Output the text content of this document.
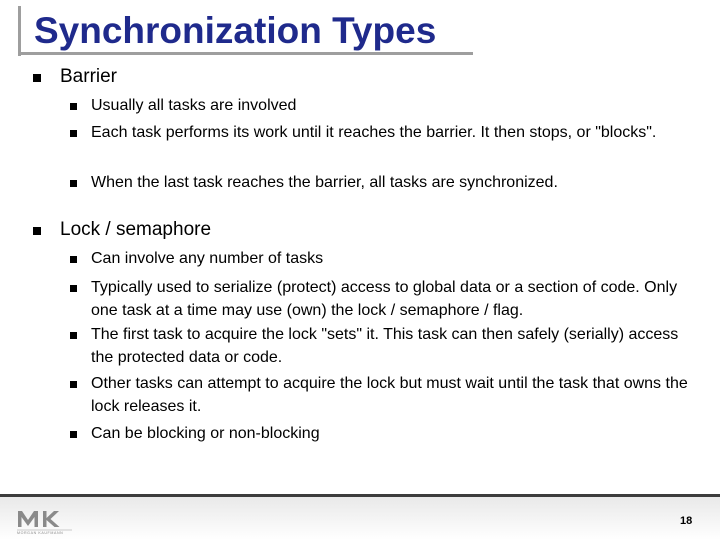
Synchronization Types
Barrier
Usually all tasks are involved
Each task performs its work until it reaches the barrier. It then stops, or "blocks".
When the last task reaches the barrier, all tasks are synchronized.
Lock / semaphore
Can involve any number of tasks
Typically used to serialize (protect) access to global data or a section of code. Only one task at a time may use (own) the lock / semaphore / flag.
The first task to acquire the lock "sets" it. This task can then safely (serially) access the protected data or code.
Other tasks can attempt to acquire the lock but must wait until the task that owns the lock releases it.
Can be blocking or non-blocking
MORGAN KAUFMANN
18
